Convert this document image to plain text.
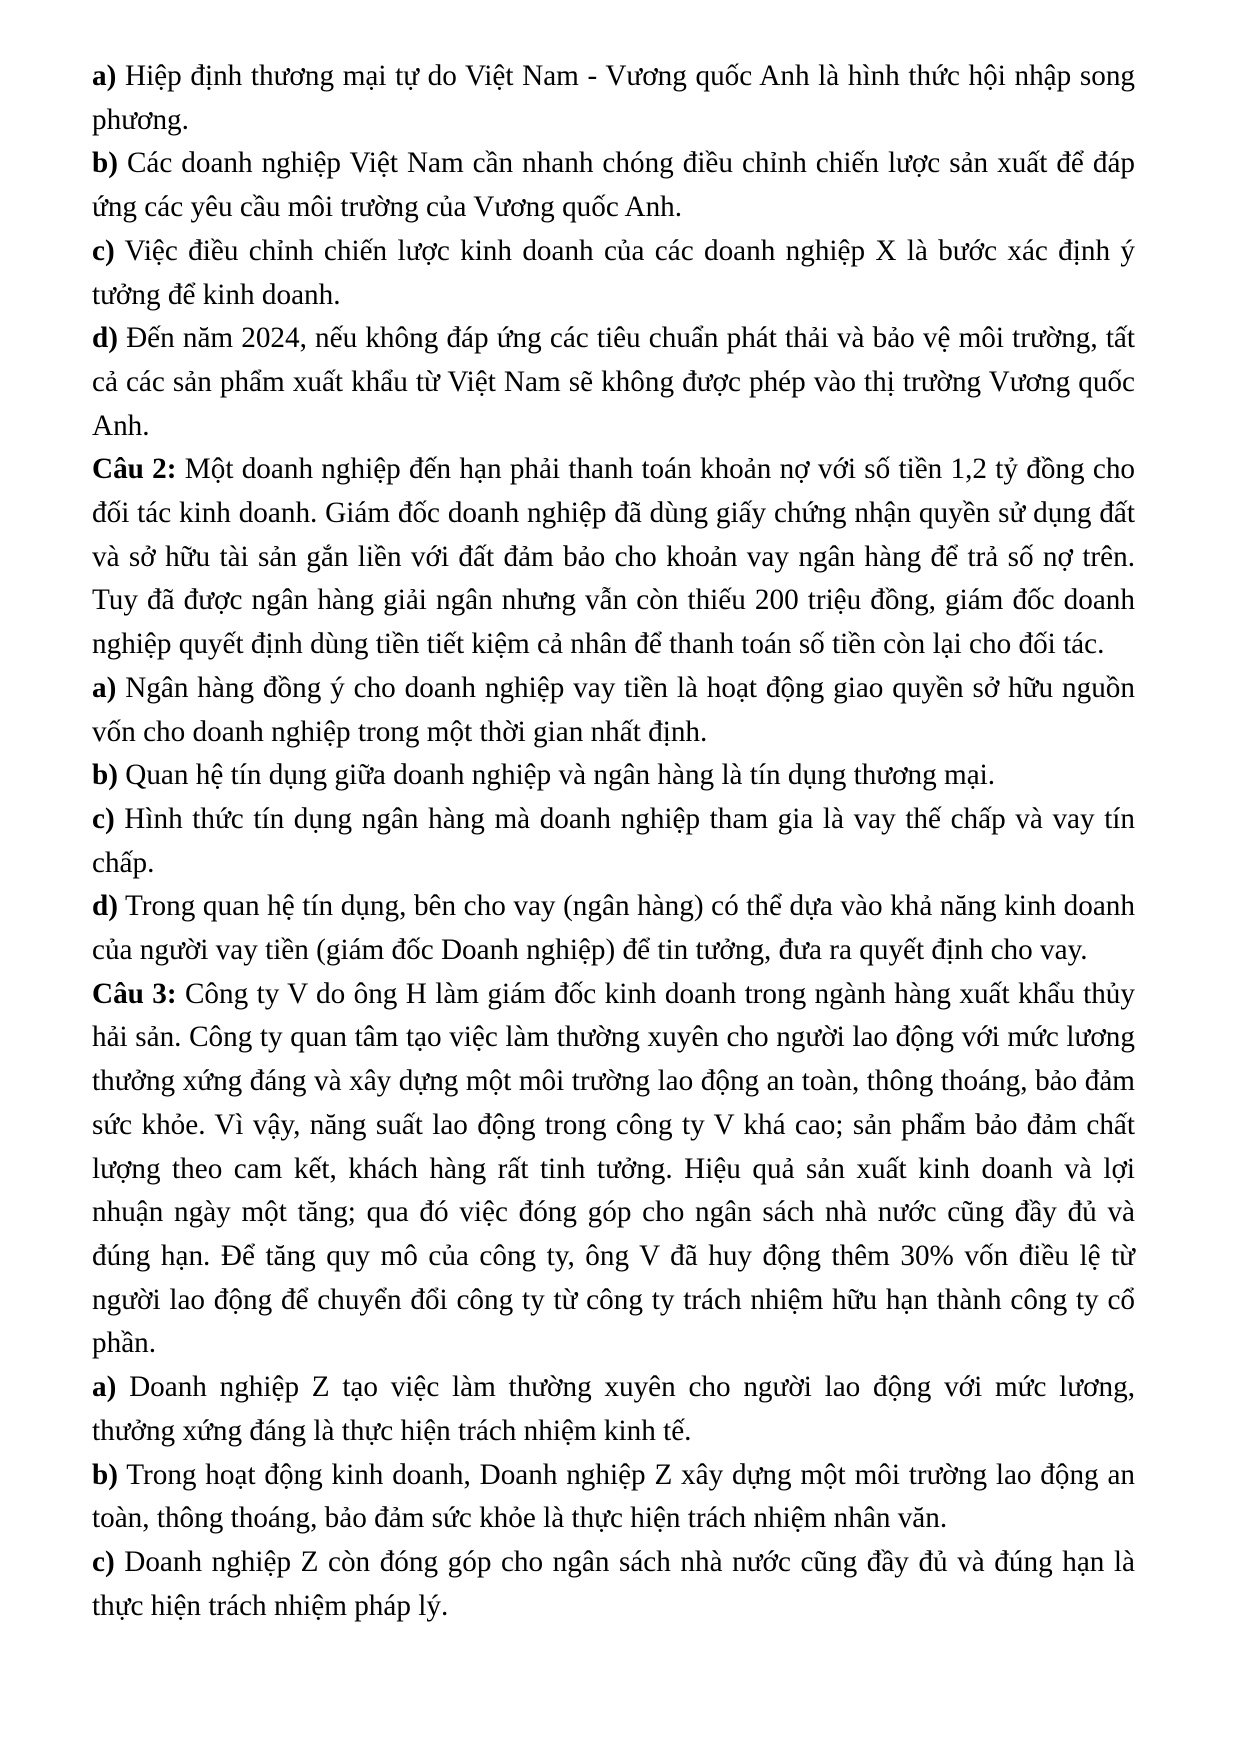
a) Hiệp định thương mại tự do Việt Nam - Vương quốc Anh là hình thức hội nhập song phương.

b) Các doanh nghiệp Việt Nam cần nhanh chóng điều chỉnh chiến lược sản xuất để đáp ứng các yêu cầu môi trường của Vương quốc Anh.

c) Việc điều chỉnh chiến lược kinh doanh của các doanh nghiệp X là bước xác định ý tưởng để kinh doanh.

d) Đến năm 2024, nếu không đáp ứng các tiêu chuẩn phát thải và bảo vệ môi trường, tất cả các sản phẩm xuất khẩu từ Việt Nam sẽ không được phép vào thị trường Vương quốc Anh.

Câu 2: Một doanh nghiệp đến hạn phải thanh toán khoản nợ với số tiền 1,2 tỷ đồng cho đối tác kinh doanh. Giám đốc doanh nghiệp đã dùng giấy chứng nhận quyền sử dụng đất và sở hữu tài sản gắn liền với đất đảm bảo cho khoản vay ngân hàng để trả số nợ trên. Tuy đã được ngân hàng giải ngân nhưng vẫn còn thiếu 200 triệu đồng, giám đốc doanh nghiệp quyết định dùng tiền tiết kiệm cả nhân để thanh toán số tiền còn lại cho đối tác.

a) Ngân hàng đồng ý cho doanh nghiệp vay tiền là hoạt động giao quyền sở hữu nguồn vốn cho doanh nghiệp trong một thời gian nhất định.

b) Quan hệ tín dụng giữa doanh nghiệp và ngân hàng là tín dụng thương mại.

c) Hình thức tín dụng ngân hàng mà doanh nghiệp tham gia là vay thế chấp và vay tín chấp.

d) Trong quan hệ tín dụng, bên cho vay (ngân hàng) có thể dựa vào khả năng kinh doanh của người vay tiền (giám đốc Doanh nghiệp) để tin tưởng, đưa ra quyết định cho vay.

Câu 3: Công ty V do ông H làm giám đốc kinh doanh trong ngành hàng xuất khẩu thủy hải sản. Công ty quan tâm tạo việc làm thường xuyên cho người lao động với mức lương thưởng xứng đáng và xây dựng một môi trường lao động an toàn, thông thoáng, bảo đảm sức khỏe. Vì vậy, năng suất lao động trong công ty V khá cao; sản phẩm bảo đảm chất lượng theo cam kết, khách hàng rất tinh tưởng. Hiệu quả sản xuất kinh doanh và lợi nhuận ngày một tăng; qua đó việc đóng góp cho ngân sách nhà nước cũng đầy đủ và đúng hạn. Để tăng quy mô của công ty, ông V đã huy động thêm 30% vốn điều lệ từ người lao động để chuyển đổi công ty từ công ty trách nhiệm hữu hạn thành công ty cổ phần.

a) Doanh nghiệp Z tạo việc làm thường xuyên cho người lao động với mức lương, thưởng xứng đáng là thực hiện trách nhiệm kinh tế.

b) Trong hoạt động kinh doanh, Doanh nghiệp Z xây dựng một môi trường lao động an toàn, thông thoáng, bảo đảm sức khỏe là thực hiện trách nhiệm nhân văn.

c) Doanh nghiệp Z còn đóng góp cho ngân sách nhà nước cũng đầy đủ và đúng hạn là thực hiện trách nhiệm pháp lý.
